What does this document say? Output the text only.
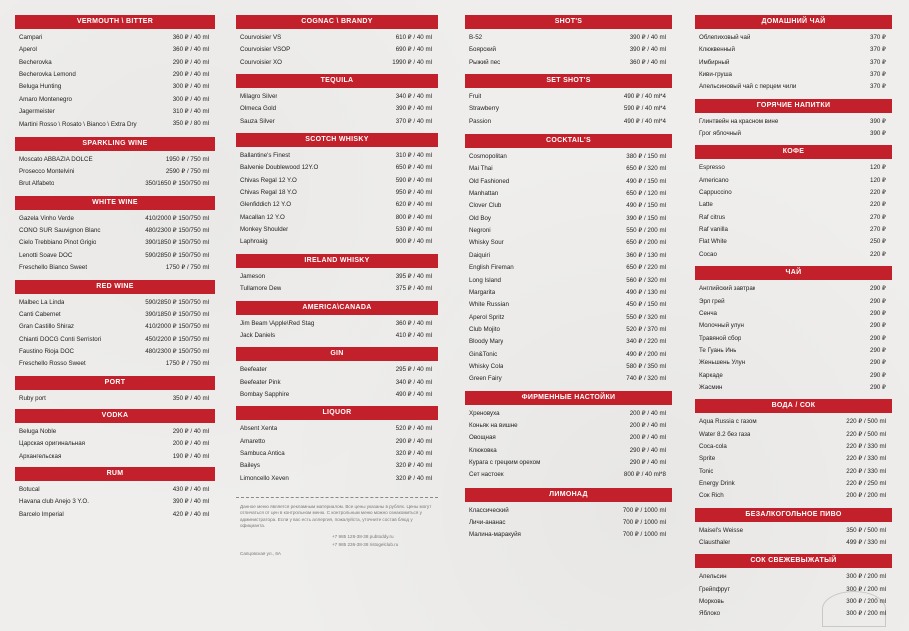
VERMOUTH \ BITTER
Campari	360 ₽ / 40 ml
Aperol	360 ₽ / 40 ml
Becherovka	290 ₽ / 40 ml
Becherovka Lemond	290 ₽ / 40 ml
Beluga Hunting	300 ₽ / 40 ml
Amaro Montenegro	300 ₽ / 40 ml
Jagermeister	310 ₽ / 40 ml
Martini Rosso \ Rosato \ Bianco \ Extra Dry	350 ₽ / 80 ml
SPARKLING WINE
Moscato ABBAZIA DOLCE	1950 ₽ / 750 ml
Prosecco Montelvini	2590 ₽ / 750 ml
Brut Alfabeto	350/1650 ₽ 150/750 ml
WHITE WINE
Gazela Vinho Verde	410/2000 ₽ 150/750 ml
CONO SUR Sauvignon Blanc	480/2300 ₽ 150/750 ml
Cielo Trebbiano Pinot Grigio	390/1850 ₽ 150/750 ml
Lenotti Soave DOC	590/2850 ₽ 150/750 ml
Freschello Bianco Sweet	1750 ₽ / 750 ml
RED WINE
Malbec La Linda	590/2850 ₽ 150/750 ml
Canti Cabernet	390/1850 ₽ 150/750 ml
Gran Castillo Shiraz	410/2000 ₽ 150/750 ml
Chianti DOCG Conti Serristori	450/2200 ₽ 150/750 ml
Faustino Rioja DOC	480/2300 ₽ 150/750 ml
Freschello Rosso Sweet	1750 ₽ / 750 ml
PORT
Ruby port	350 ₽ / 40 ml
VODKA
Beluga Noble	290 ₽ / 40 ml
Царская оригинальная	200 ₽ / 40 ml
Архангельская	190 ₽ / 40 ml
RUM
Botucal	430 ₽ / 40 ml
Havana club Anejo 3 Y.O.	390 ₽ / 40 ml
Barcelo Imperial	420 ₽ / 40 ml
COGNAC \ BRANDY
Courvoisier VS	610 ₽ / 40 ml
Courvoisier VSOP	690 ₽ / 40 ml
Courvoisier XO	1990 ₽ / 40 ml
TEQUILA
Milagro Silver	340 ₽ / 40 ml
Olmeca Gold	390 ₽ / 40 ml
Sauza Silver	370 ₽ / 40 ml
SCOTCH WHISKY
Ballantine's Finest	310 ₽ / 40 ml
Balvenie Doublewood 12Y.O	650 ₽ / 40 ml
Chivas Regal 12 Y.O	590 ₽ / 40 ml
Chivas Regal 18 Y.O	950 ₽ / 40 ml
Glenfiddich 12 Y.O	620 ₽ / 40 ml
Macallan 12 Y.O	800 ₽ / 40 ml
Monkey Shoulder	530 ₽ / 40 ml
Laphroaig	900 ₽ / 40 ml
IRELAND WHISKY
Jameson	395 ₽ / 40 ml
Tullamore Dew	375 ₽ / 40 ml
AMERICA\CANADA
Jim Beam \Apple\Red Stag	360 ₽ / 40 ml
Jack Daniels	410 ₽ / 40 ml
GIN
Beefeater	295 ₽ / 40 ml
Beefeater Pink	340 ₽ / 40 ml
Bombay Sapphire	490 ₽ / 40 ml
LIQUOR
Absent Xenta	520 ₽ / 40 ml
Amaretto	290 ₽ / 40 ml
Sambuca Antica	320 ₽ / 40 ml
Baileys	320 ₽ / 40 ml
Limoncello Xeven	320 ₽ / 40 ml
Данное меню является рекламным материалом. Все цены указаны в рублях. Цены могут отличаться от цен в контрольном меню. С контрольным меню можно ознакомиться у администратора. Если у вас есть аллергия, пожалуйста, уточните состав блюд у официанта.
+7 985 128-38-38 pubtoddy.ru
+7 985 236-38-38 ristogelclub.ru
Сапцовская ул., 6А
SHOT'S
B-52	390 ₽ / 40 ml
Боярский	390 ₽ / 40 ml
Рыжий пес	360 ₽ / 40 ml
SET SHOT'S
Fruit	490 ₽ / 40 ml*4
Strawberry	590 ₽ / 40 ml*4
Passion	490 ₽ / 40 ml*4
COCKTAIL'S
Cosmopolitan	380 ₽ / 150 ml
Mai Thai	650 ₽ / 320 ml
Old Fashioned	490 ₽ / 150 ml
Manhattan	650 ₽ / 120 ml
Clover Club	490 ₽ / 150 ml
Old Boy	390 ₽ / 150 ml
Negroni	550 ₽ / 200 ml
Whisky Sour	650 ₽ / 200 ml
Daiquiri	360 ₽ / 130 ml
English Fireman	650 ₽ / 220 ml
Long Island	560 ₽ / 320 ml
Margarita	490 ₽ / 130 ml
White Russian	450 ₽ / 150 ml
Aperol Spritz	550 ₽ / 320 ml
Club Mojito	520 ₽ / 370 ml
Bloody Mary	340 ₽ / 220 ml
Gin&Tonic	490 ₽ / 200 ml
Whisky Cola	580 ₽ / 350 ml
Green Fairy	740 ₽ / 320 ml
ФИРМЕННЫЕ НАСТОЙКИ
Хреновуха	200 ₽ / 40 ml
Коньяк на вишне	200 ₽ / 40 ml
Овощная	200 ₽ / 40 ml
Клюковка	290 ₽ / 40 ml
Курага с грецким орехом	290 ₽ / 40 ml
Сет настоек	800 ₽ / 40 ml*8
ЛИМОНАД
Классический	700 ₽ / 1000 ml
Личи-ананас	700 ₽ / 1000 ml
Малина-маракуйя	700 ₽ / 1000 ml
ДОМАШНИЙ ЧАЙ
Облепиховый чай	370 ₽
Клюквенный	370 ₽
Имбирный	370 ₽
Киви-груша	370 ₽
Апельсиновый чай с перцем чили	370 ₽
ГОРЯЧИЕ НАПИТКИ
Глинтвейн на красном вине	390 ₽
Грог яблочный	390 ₽
КОФЕ
Espresso	120 ₽
Americano	120 ₽
Cappuccino	220 ₽
Latte	220 ₽
Raf citrus	270 ₽
Raf vanilla	270 ₽
Flat White	250 ₽
Cocao	220 ₽
ЧАЙ
Английский завтрак	290 ₽
Эрл грей	290 ₽
Сенча	290 ₽
Молочный улун	290 ₽
Травяной сбор	290 ₽
Те Гуань Инь	290 ₽
Женьшень Улун	290 ₽
Каркаде	290 ₽
Жасмин	290 ₽
ВОДА / СОК
Aqua Russia с газом	220 ₽ / 500 ml
Water 8.2 без газа	220 ₽ / 500 ml
Coca-cola	220 ₽ / 330 ml
Sprite	220 ₽ / 330 ml
Tonic	220 ₽ / 330 ml
Energy Drink	220 ₽ / 250 ml
Cок Rich	200 ₽ / 200 ml
БЕЗАЛКОГОЛЬНОЕ ПИВО
Maisel's Weisse	350 ₽ / 500 ml
Clausthaler	499 ₽ / 330 ml
СОК СВЕЖЕВЫЖАТЫЙ
Апельсин	300 ₽ / 200 ml
Грейпфрут	300 ₽ / 200 ml
Морковь	300 ₽ / 200 ml
Яблоко	300 ₽ / 200 ml
